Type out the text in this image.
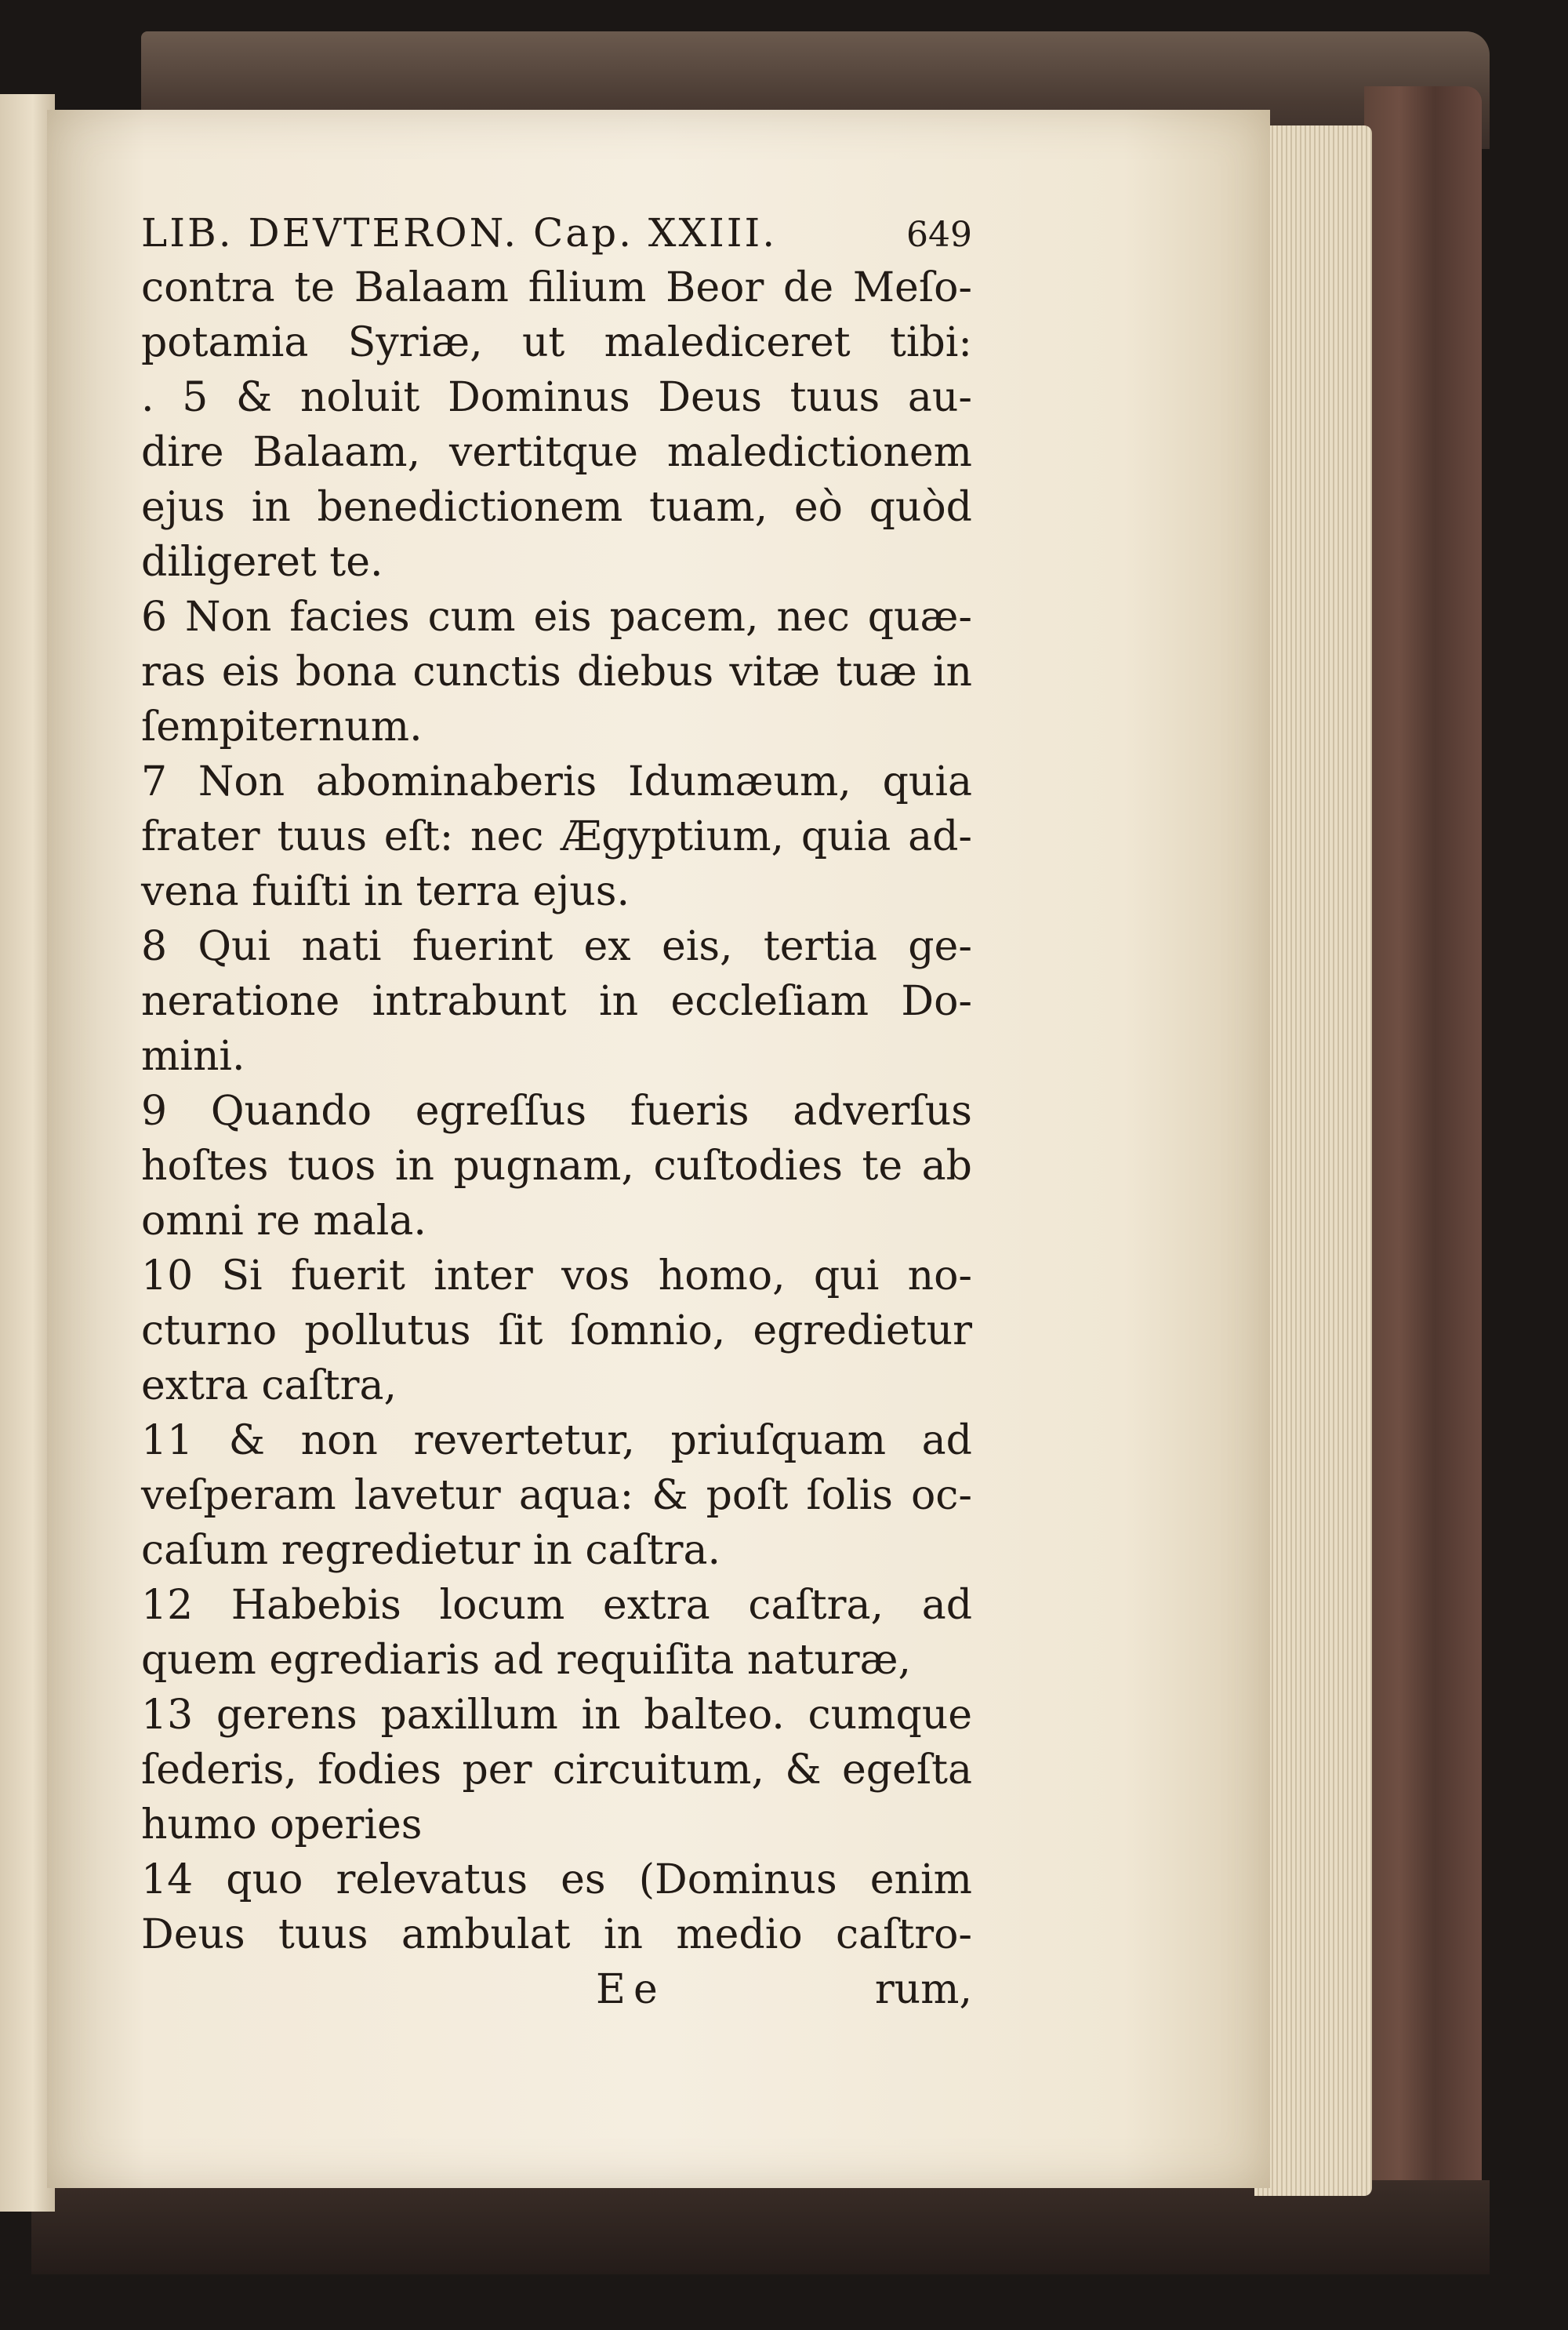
LIB. DEVTERON. Cap. XXIII.	649
contra te Balaam filium Beor de Meſo-
potamia Syriæ, ut malediceret tibi:
. 5 & noluit Dominus Deus tuus au-
dire Balaam, vertitque maledictionem
ejus in benedictionem tuam, eò quòd
diligeret te.
6 Non facies cum eis pacem, nec quæ-
ras eis bona cunctis diebus vitæ tuæ in
ſempiternum.
7 Non abominaberis Idumæum, quia
frater tuus eſt: nec Ægyptium, quia ad-
vena fuiſti in terra ejus.
8 Qui nati fuerint ex eis, tertia ge-
neratione intrabunt in eccleſiam Do-
mini.
9 Quando egreſſus fueris adverſus
hoſtes tuos in pugnam, cuſtodies te ab
omni re mala.
10 Si fuerit inter vos homo, qui no-
cturno pollutus ſit ſomnio, egredietur
extra caſtra,
11 & non revertetur, priuſquam ad
veſperam lavetur aqua: & poſt ſolis oc-
caſum regredietur in caſtra.
12 Habebis locum extra caſtra, ad
quem egrediaris ad requiſita naturæ,
13 gerens paxillum in balteo. cumque
ſederis, fodies per circuitum, & egeſta
humo operies
14 quo relevatus es (Dominus enim
Deus tuus ambulat in medio caſtro-
Ee	rum,
